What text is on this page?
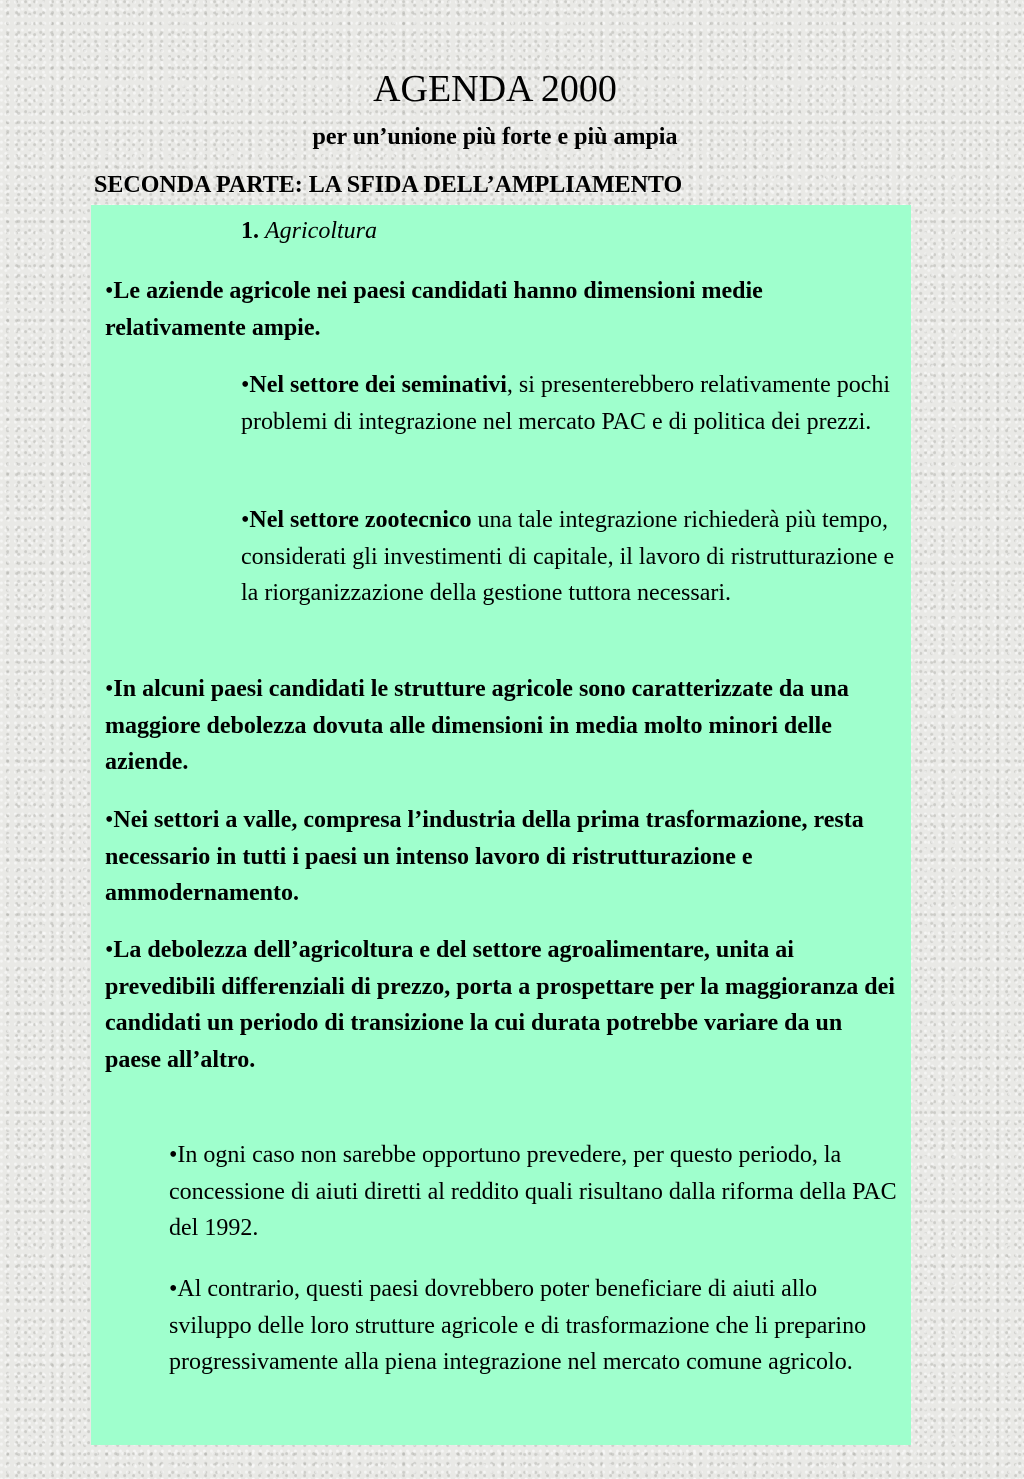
AGENDA 2000
per un’unione più forte e più ampia
SECONDA PARTE: LA SFIDA DELL’AMPLIAMENTO
1. Agricoltura

•Le aziende agricole nei paesi candidati hanno dimensioni medie relativamente ampie.

•Nel settore dei seminativi, si presenterebbero relativamente pochi problemi di integrazione nel mercato PAC e di politica dei prezzi.

•Nel settore zootecnico una tale integrazione richiederà più tempo, considerati gli investimenti di capitale, il lavoro di ristrutturazione e la riorganizzazione della gestione tuttora necessari.

•In alcuni paesi candidati le strutture agricole sono caratterizzate da una maggiore debolezza dovuta alle dimensioni in media molto minori delle aziende.

•Nei settori a valle, compresa l’industria della prima trasformazione, resta necessario in tutti i paesi un intenso lavoro di ristrutturazione e ammodernamento.

•La debolezza dell’agricoltura e del settore agroalimentare, unita ai prevedibili differenziali di prezzo, porta a prospettare per la maggioranza dei candidati un periodo di transizione la cui durata potrebbe variare da un paese all’altro.

•In ogni caso non sarebbe opportuno prevedere, per questo periodo, la concessione di aiuti diretti al reddito quali risultano dalla riforma della PAC del 1992.

•Al contrario, questi paesi dovrebbero poter beneficiare di aiuti allo sviluppo delle loro strutture agricole e di trasformazione che li preparino progressivamente alla piena integrazione nel mercato comune agricolo.
